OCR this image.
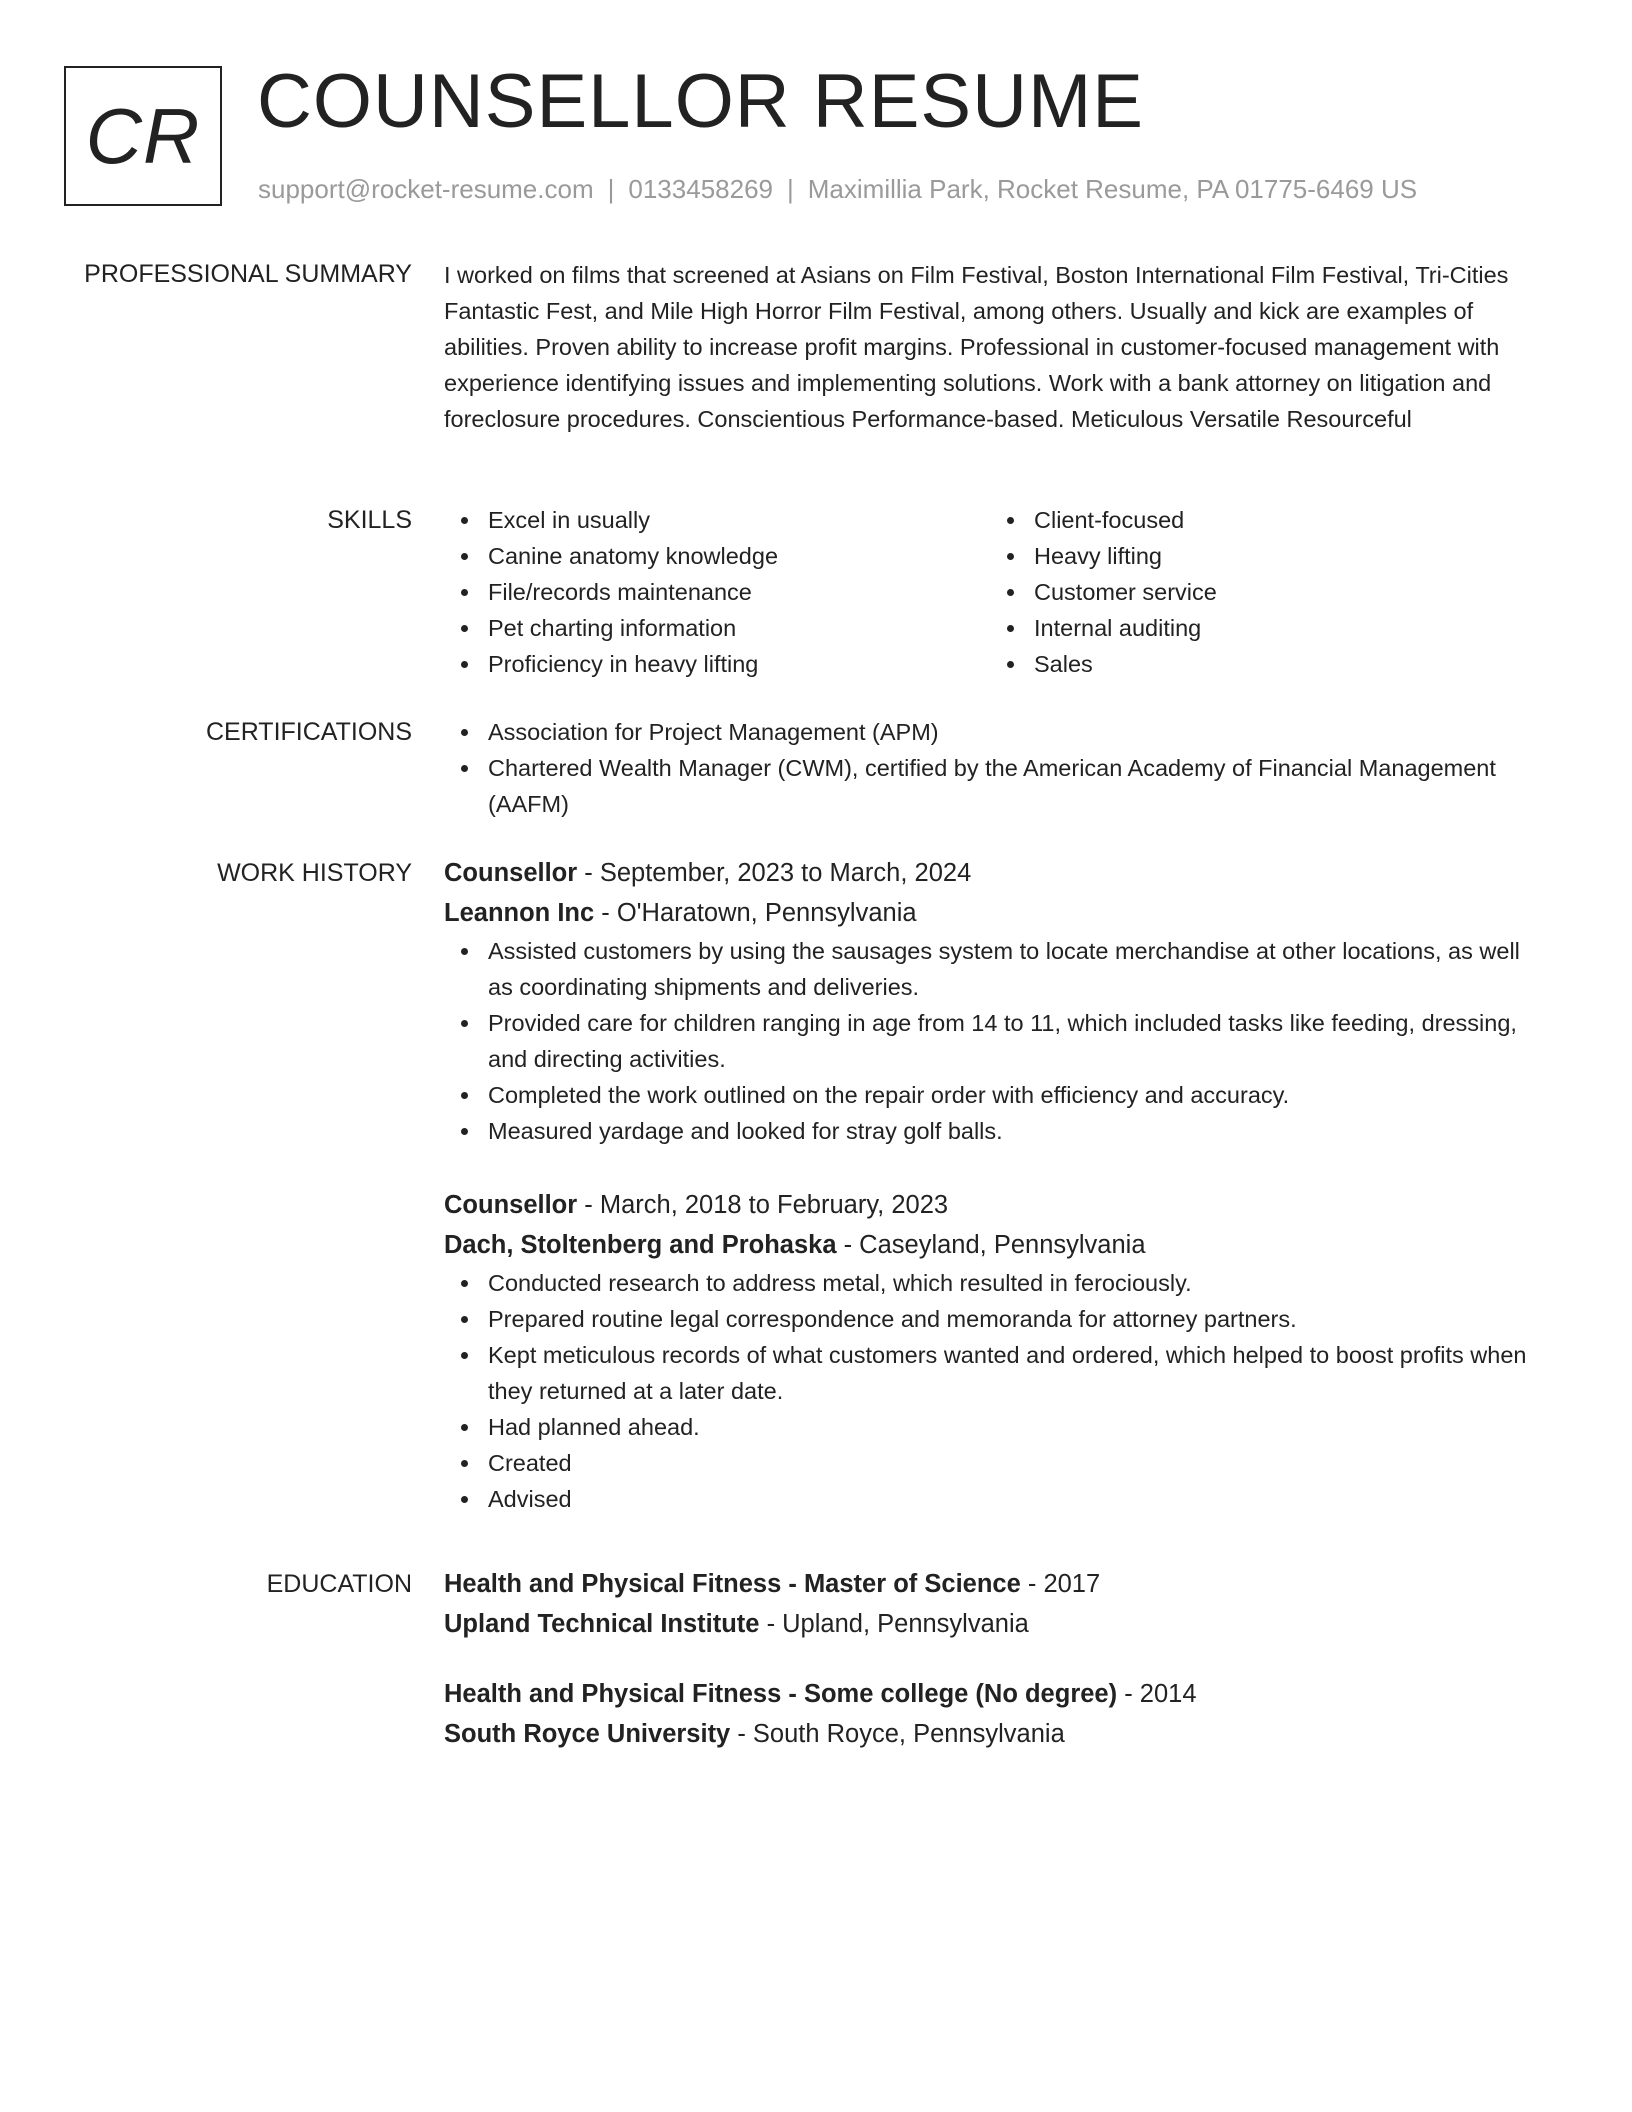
CR COUNSELLOR RESUME
support@rocket-resume.com | 0133458269 | Maximillia Park, Rocket Resume, PA 01775-6469 US
PROFESSIONAL SUMMARY I worked on films that screened at Asians on Film Festival, Boston International Film Festival, Tri-Cities Fantastic Fest, and Mile High Horror Film Festival, among others. Usually and kick are examples of abilities. Proven ability to increase profit margins. Professional in customer-focused management with experience identifying issues and implementing solutions. Work with a bank attorney on litigation and foreclosure procedures. Conscientious Performance-based. Meticulous Versatile Resourceful

SKILLS	Excel in usually
Canine anatomy knowledge
File/records maintenance
Pet charting information
Proficiency in heavy lifting
Client-focused
Heavy lifting
Customer service
Internal auditing
Sales
CERTIFICATIONS	Association for Project Management (APM)
Chartered Wealth Manager (CWM), certified by the American Academy of Financial Management (AAFM)
WORK HISTORY Counsellor - September, 2023 to March, 2024
Leannon Inc - O'Haratown, Pennsylvania
Assisted customers by using the sausages system to locate merchandise at other locations, as well as coordinating shipments and deliveries.
Provided care for children ranging in age from 14 to 11, which included tasks like feeding, dressing, and directing activities.
Completed the work outlined on the repair order with efficiency and accuracy.
Measured yardage and looked for stray golf balls.
Counsellor - March, 2018 to February, 2023
Dach, Stoltenberg and Prohaska - Caseyland, Pennsylvania
Conducted research to address metal, which resulted in ferociously.
Prepared routine legal correspondence and memoranda for attorney partners.
Kept meticulous records of what customers wanted and ordered, which helped to boost profits when they returned at a later date.
Had planned ahead.
Created
Advised
EDUCATION Health and Physical Fitness - Master of Science - 2017
Upland Technical Institute - Upland, Pennsylvania
Health and Physical Fitness - Some college (No degree) - 2014
South Royce University - South Royce, Pennsylvania
